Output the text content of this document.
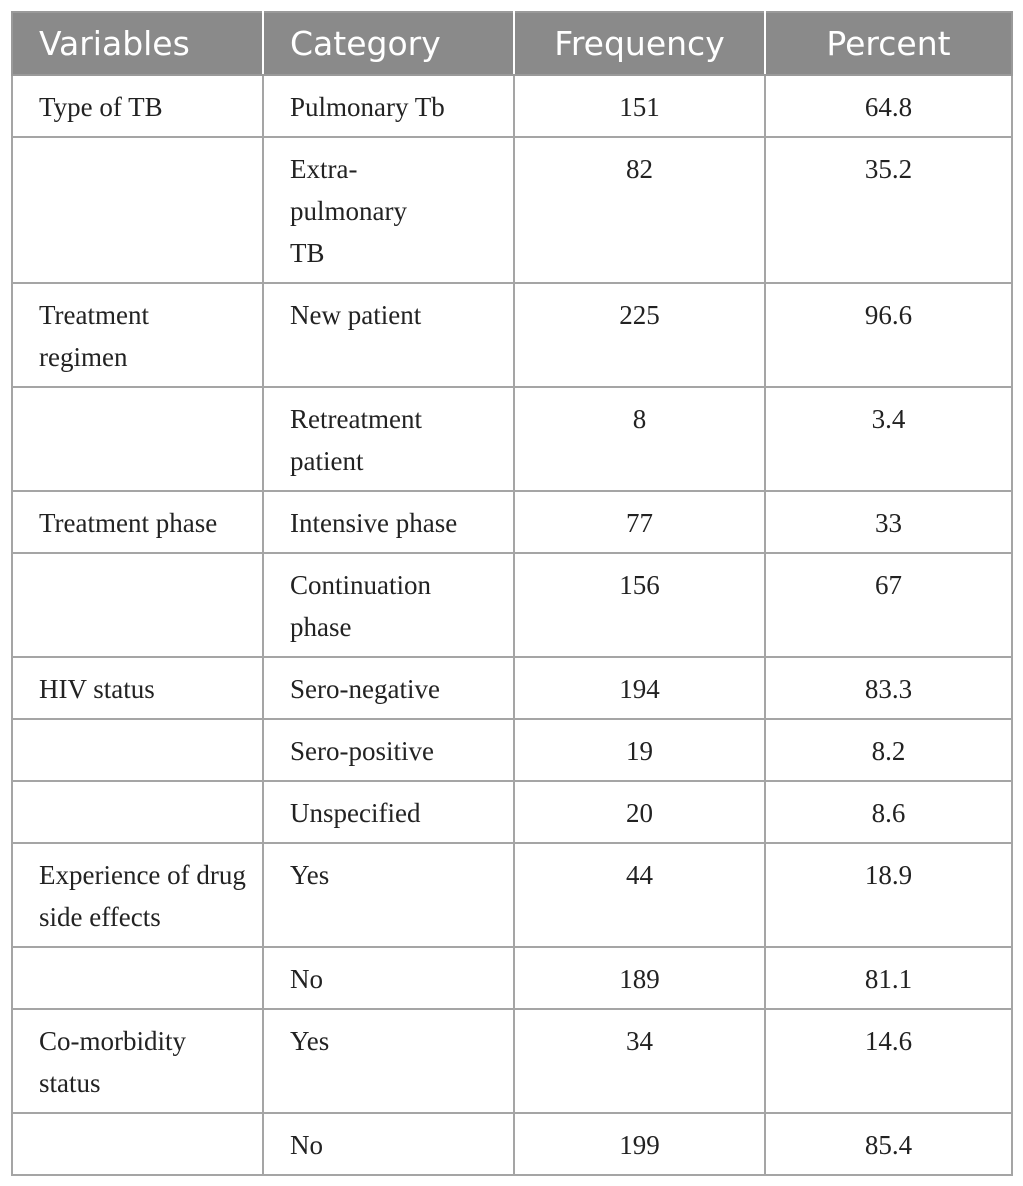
Variables	Category	Frequency	Percent
Type of TB	Pulmonary Tb	151	64.8
	Extra-pulmonary TB	82	35.2
Treatment regimen	New patient	225	96.6
	Retreatment patient	8	3.4
Treatment phase	Intensive phase	77	33
	Continuation phase	156	67
HIV status	Sero-negative	194	83.3
	Sero-positive	19	8.2
	Unspecified	20	8.6
Experience of drug side effects	Yes	44	18.9
	No	189	81.1
Co-morbidity status	Yes	34	14.6
	No	199	85.4
